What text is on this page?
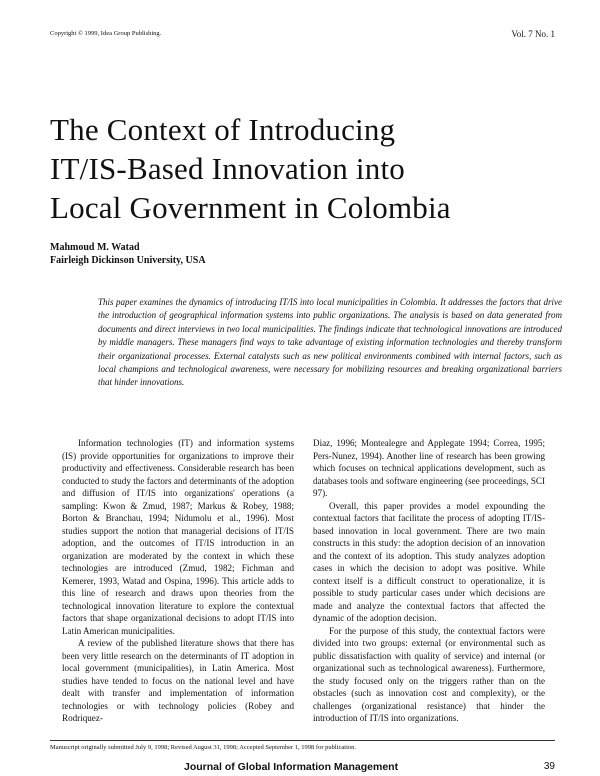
Copyright © 1999, Idea Group Publishing.	Vol. 7 No. 1
The Context of Introducing
IT/IS-Based Innovation into
Local Government in Colombia
Mahmoud M. Watad
Fairleigh Dickinson University, USA

This paper examines the dynamics of introducing IT/IS into local municipalities in Colombia. It addresses the factors that drive the introduction of geographical information systems into public organizations. The analysis is based on data generated from documents and direct interviews in two local municipalities. The findings indicate that technological innovations are introduced by middle managers. These managers find ways to take advantage of existing information technologies and thereby transform their organizational processes. External catalysts such as new political environments combined with internal factors, such as local champions and technological awareness, were necessary for mobilizing resources and breaking organizational barriers that hinder innovations.

Information technologies (IT) and information systems (IS) provide opportunities for organizations to improve their productivity and effectiveness. Considerable research has been conducted to study the factors and determinants of the adoption and diffusion of IT/IS into organizations' operations (a sampling: Kwon & Zmud, 1987; Markus & Robey, 1988; Borton & Branchau, 1994; Nidumolu et al., 1996). Most studies support the notion that managerial decisions of IT/IS adoption, and the outcomes of IT/IS introduction in an organization are moderated by the context in which these technologies are introduced (Zmud, 1982; Fichman and Kemerer, 1993, Watad and Ospina, 1996). This article adds to this line of research and draws upon theories from the technological innovation literature to explore the contextual factors that shape organizational decisions to adopt IT/IS into Latin American municipalities.

A review of the published literature shows that there has been very little research on the determinants of IT adoption in local government (municipalities), in Latin America. Most studies have tended to focus on the national level and have dealt with transfer and implementation of information technologies or with technology policies (Robey and Rodriquez-

Diaz, 1996; Montealegre and Applegate 1994; Correa, 1995; Pers-Nunez, 1994). Another line of research has been growing which focuses on technical applications development, such as databases tools and software engineering (see proceedings, SCI 97).

Overall, this paper provides a model expounding the contextual factors that facilitate the process of adopting IT/IS-based innovation in local government. There are two main constructs in this study: the adoption decision of an innovation and the context of its adoption. This study analyzes adoption cases in which the decision to adopt was positive. While context itself is a difficult construct to operationalize, it is possible to study particular cases under which decisions are made and analyze the contextual factors that affected the dynamic of the adoption decision.

For the purpose of this study, the contextual factors were divided into two groups: external (or environmental such as public dissatisfaction with quality of service) and internal (or organizational such as technological awareness). Furthermore, the study focused only on the triggers rather than on the obstacles (such as innovation cost and complexity), or the challenges (organizational resistance) that hinder the introduction of IT/IS into organizations.

Manuscript originally submitted July 9, 1998; Revised August 31, 1998; Accepted September 1, 1998 for publication.
Journal of Global Information Management	39
